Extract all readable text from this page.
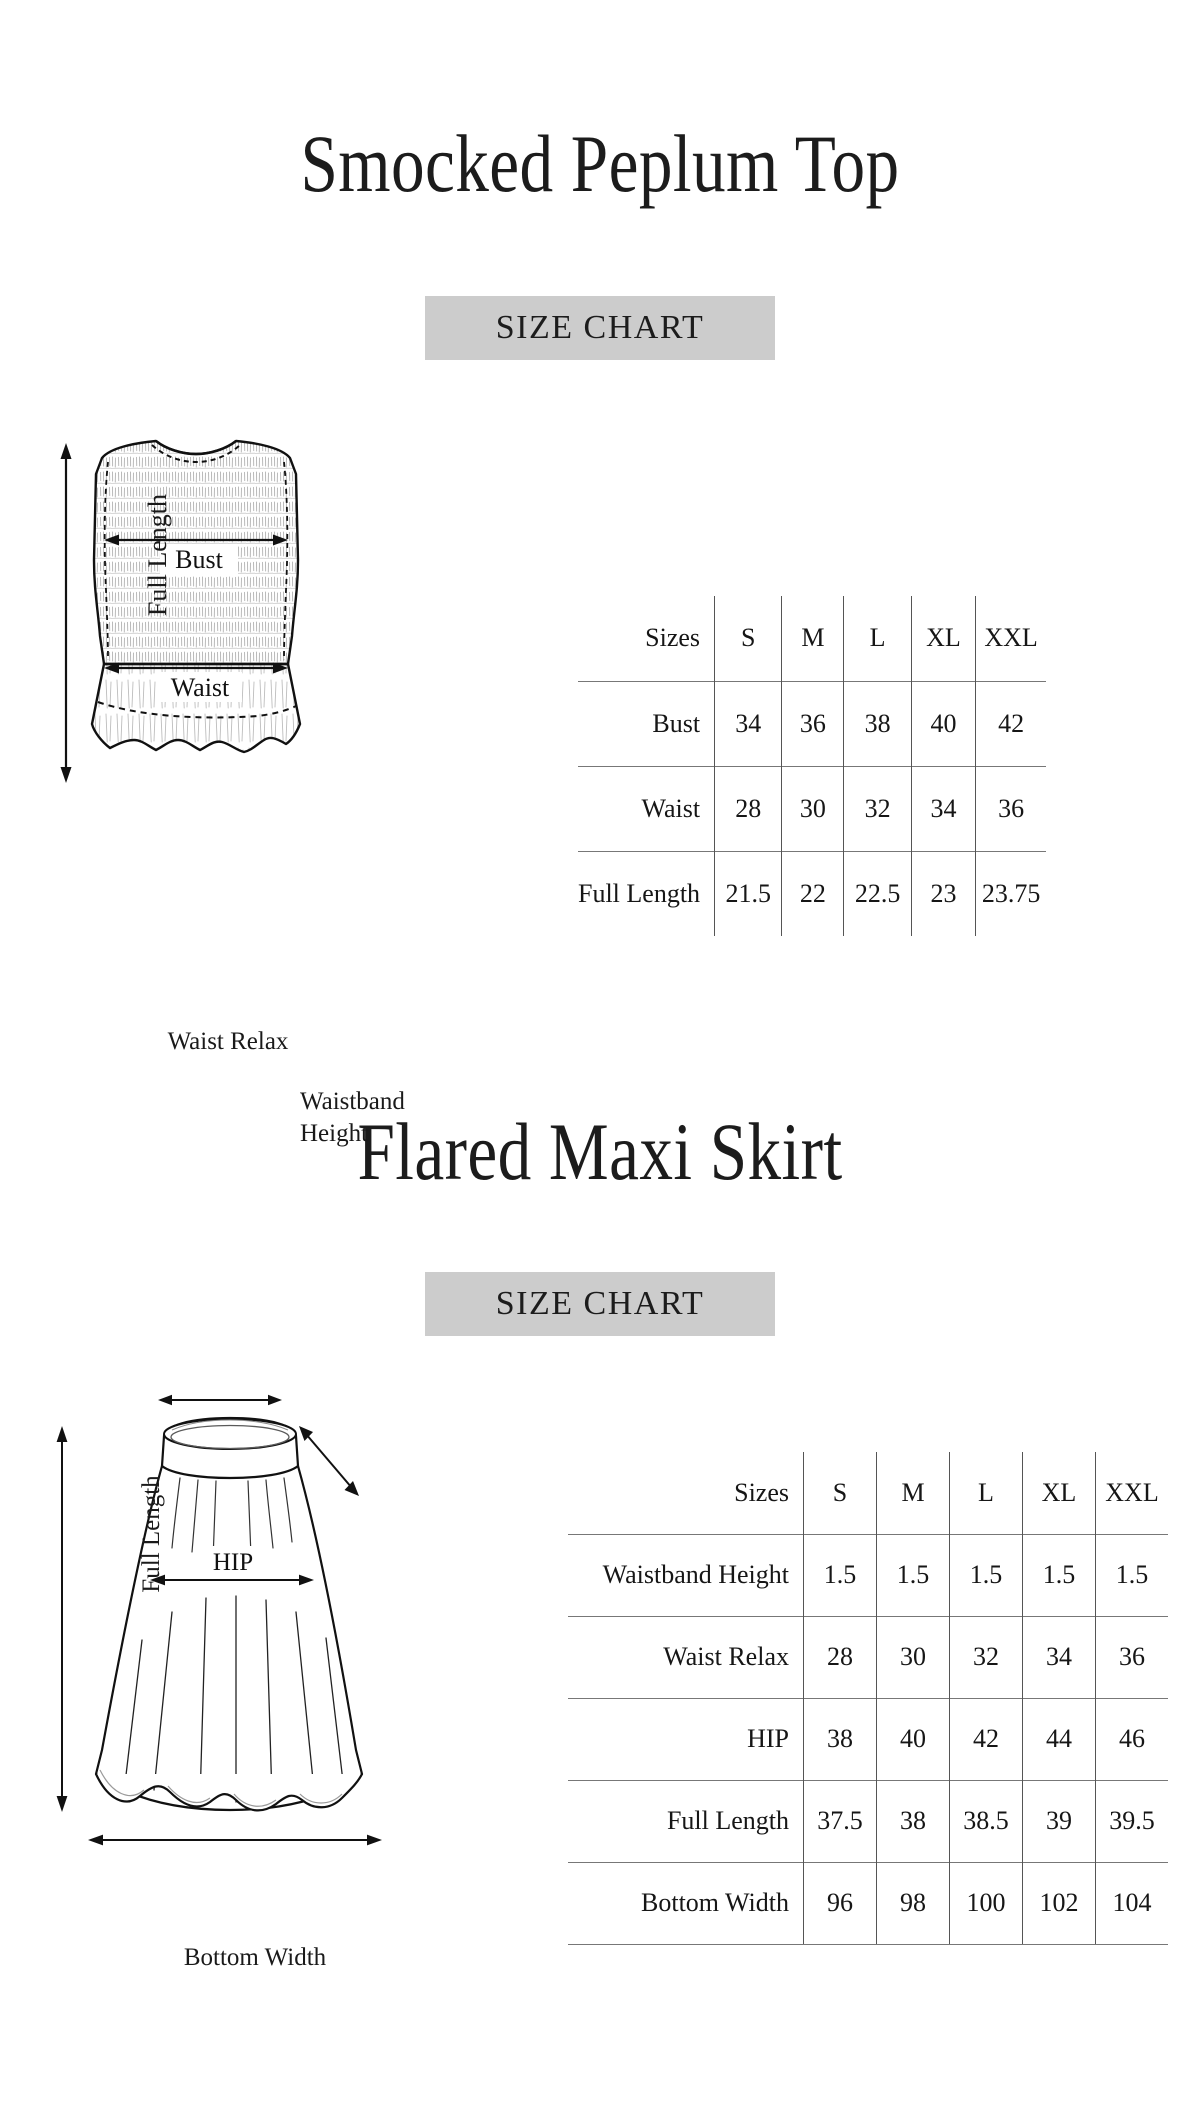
Smocked Peplum Top
SIZE CHART
Bust
Waist
Full Length
Sizes	S	M	L	XL	XXL
Bust	34	36	38	40	42
Waist	28	30	32	34	36
Full Length	21.5	22	22.5	23	23.75
Flared Maxi Skirt
SIZE CHART
HIP
Waist Relax
Waistband
Height
Full Length
Bottom Width
Sizes	S	M	L	XL	XXL
Waistband Height	1.5	1.5	1.5	1.5	1.5
Waist Relax	28	30	32	34	36
HIP	38	40	42	44	46
Full Length	37.5	38	38.5	39	39.5
Bottom Width	96	98	100	102	104
